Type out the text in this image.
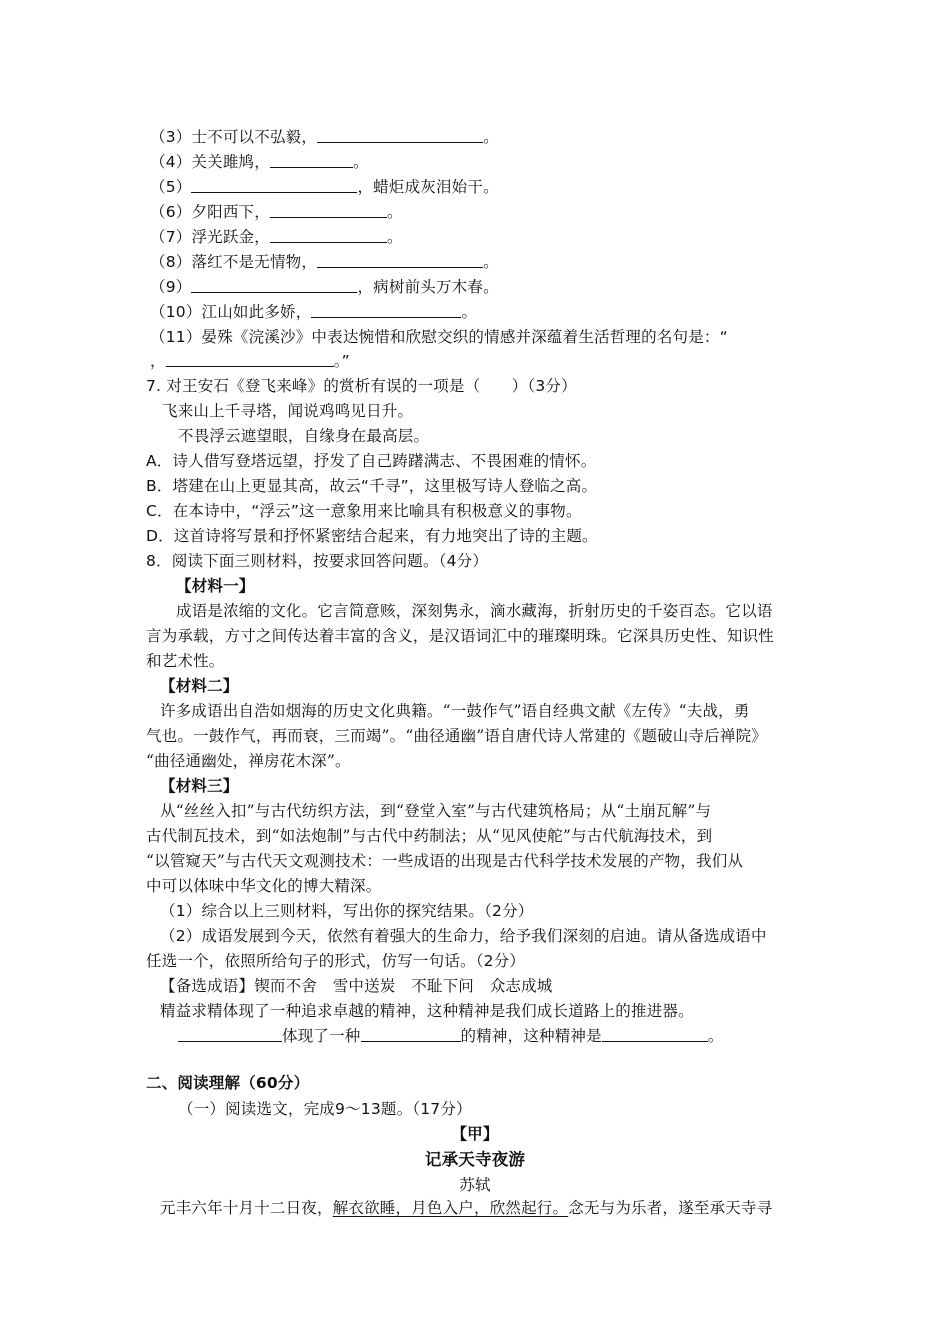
（3）士不可以不弘毅，	。
（4）关关雎鸠，	。
（5）	，蜡炬成灰泪始干。
（6）夕阳西下，	。
（7）浮光跃金，	。
（8）落红不是无情物，	。
（9）	，病树前头万木春。
（10）江山如此多娇，	。
（11）晏殊《浣溪沙》中表达惋惜和欣慰交织的情感并深蕴着生活哲理的名句是：“
，	。”
7. 对王安石《登飞来峰》的赏析有误的一项是（　　）（3分）
飞来山上千寻塔，闻说鸡鸣见日升。
不畏浮云遮望眼，自缘身在最高层。
A．诗人借写登塔远望，抒发了自己踌躇满志、不畏困难的情怀。
B．塔建在山上更显其高，故云“千寻”，这里极写诗人登临之高。
C．在本诗中，“浮云”这一意象用来比喻具有积极意义的事物。
D．这首诗将写景和抒怀紧密结合起来，有力地突出了诗的主题。
8．阅读下面三则材料，按要求回答问题。（4分）
【材料一】
成语是浓缩的文化。它言简意赅，深刻隽永，滴水藏海，折射历史的千姿百态。它以语
言为承载，方寸之间传达着丰富的含义，是汉语词汇中的璀璨明珠。它深具历史性、知识性
和艺术性。
【材料二】
许多成语出自浩如烟海的历史文化典籍。“一鼓作气”语自经典文献《左传》“夫战，勇
气也。一鼓作气，再而衰，三而竭”。“曲径通幽”语自唐代诗人常建的《题破山寺后禅院》
“曲径通幽处，禅房花木深”。
【材料三】
从“丝丝入扣”与古代纺织方法，到“登堂入室”与古代建筑格局；从“土崩瓦解”与
古代制瓦技术，到“如法炮制”与古代中药制法；从“见风使舵”与古代航海技术，到
“以管窥天”与古代天文观测技术：一些成语的出现是古代科学技术发展的产物，我们从
中可以体味中华文化的博大精深。
（1）综合以上三则材料，写出你的探究结果。（2分）
（2）成语发展到今天，依然有着强大的生命力，给予我们深刻的启迪。请从备选成语中
任选一个，依照所给句子的形式，仿写一句话。（2分）
【备选成语】锲而不舍　雪中送炭　不耻下问　众志成城
精益求精体现了一种追求卓越的精神，这种精神是我们成长道路上的推进器。
体现了一种	的精神，这种精神是	。
二、阅读理解（60分）
（一）阅读选文，完成9～13题。（17分）
【甲】
记承天寺夜游
苏轼
元丰六年十月十二日夜，解衣欲睡，月色入户，欣然起行。念无与为乐者，遂至承天寺寻
